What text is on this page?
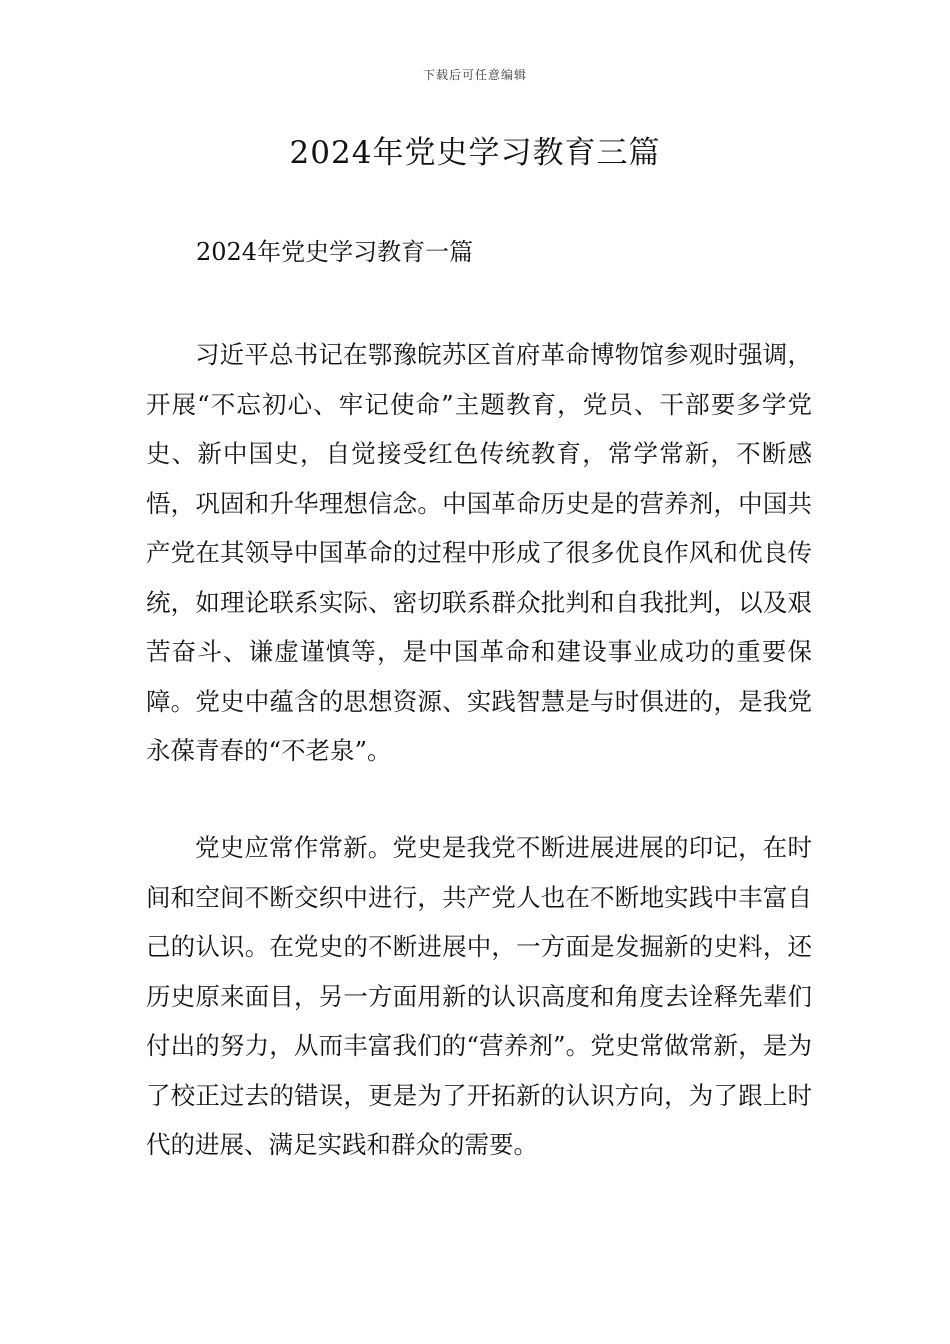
下载后可任意编辑
2024年党史学习教育三篇

2024年党史学习教育一篇

习近平总书记在鄂豫皖苏区首府革命博物馆参观时强调，开展“不忘初心、牢记使命”主题教育，党员、干部要多学党史、新中国史，自觉接受红色传统教育，常学常新，不断感悟，巩固和升华理想信念。中国革命历史是的营养剂，中国共产党在其领导中国革命的过程中形成了很多优良作风和优良传统，如理论联系实际、密切联系群众批判和自我批判，以及艰苦奋斗、谦虚谨慎等，是中国革命和建设事业成功的重要保障。党史中蕴含的思想资源、实践智慧是与时俱进的，是我党永葆青春的“不老泉”。

党史应常作常新。党史是我党不断进展进展的印记，在时间和空间不断交织中进行，共产党人也在不断地实践中丰富自己的认识。在党史的不断进展中，一方面是发掘新的史料，还历史原来面目，另一方面用新的认识高度和角度去诠释先辈们付出的努力，从而丰富我们的“营养剂”。党史常做常新，是为了校正过去的错误，更是为了开拓新的认识方向，为了跟上时代的进展、满足实践和群众的需要。
